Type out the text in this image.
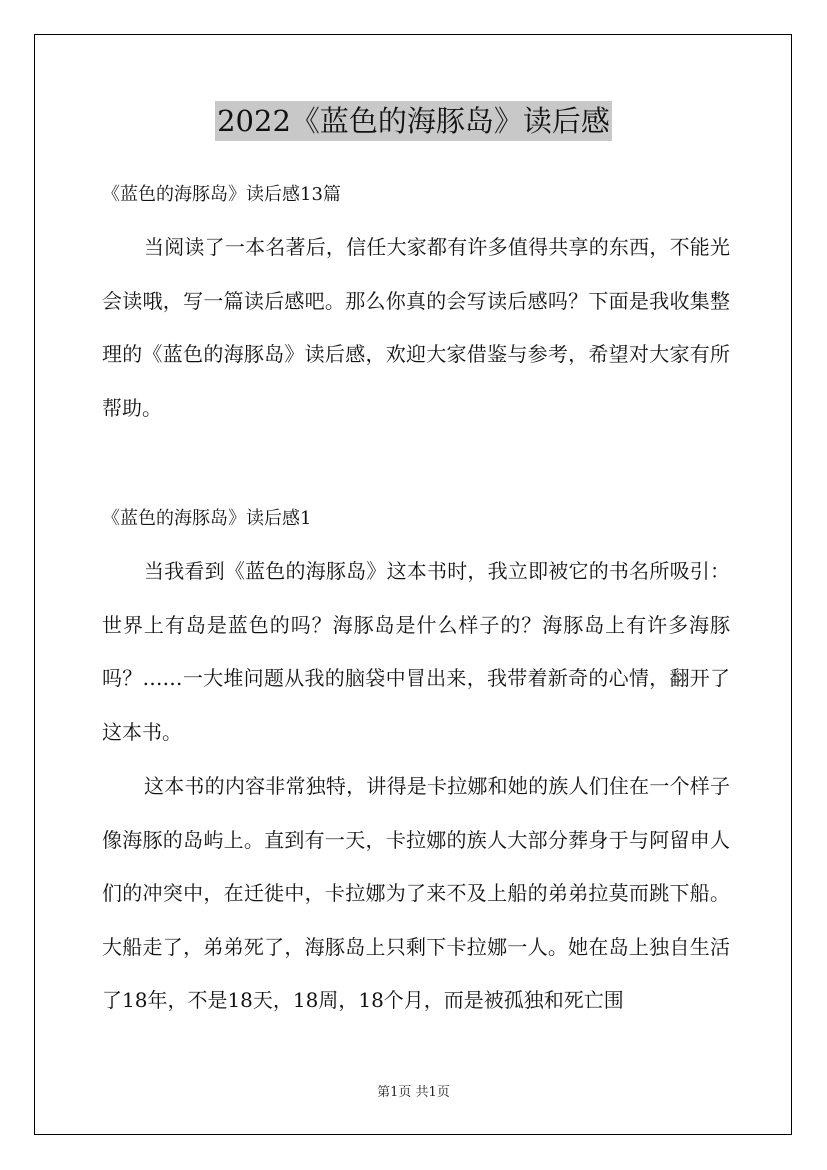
2022《蓝色的海豚岛》读后感
《蓝色的海豚岛》读后感13篇

当阅读了一本名著后，信任大家都有许多值得共享的东西，不能光会读哦，写一篇读后感吧。那么你真的会写读后感吗？下面是我收集整理的《蓝色的海豚岛》读后感，欢迎大家借鉴与参考，希望对大家有所帮助。

《蓝色的海豚岛》读后感1

当我看到《蓝色的海豚岛》这本书时，我立即被它的书名所吸引：世界上有岛是蓝色的吗？海豚岛是什么样子的？海豚岛上有许多海豚吗？……一大堆问题从我的脑袋中冒出来，我带着新奇的心情，翻开了这本书。

这本书的内容非常独特，讲得是卡拉娜和她的族人们住在一个样子像海豚的岛屿上。直到有一天，卡拉娜的族人大部分葬身于与阿留申人们的冲突中，在迁徙中，卡拉娜为了来不及上船的弟弟拉莫而跳下船。大船走了，弟弟死了，海豚岛上只剩下卡拉娜一人。她在岛上独自生活了18年，不是18天，18周，18个月，而是被孤独和死亡围

第1页 共1页
